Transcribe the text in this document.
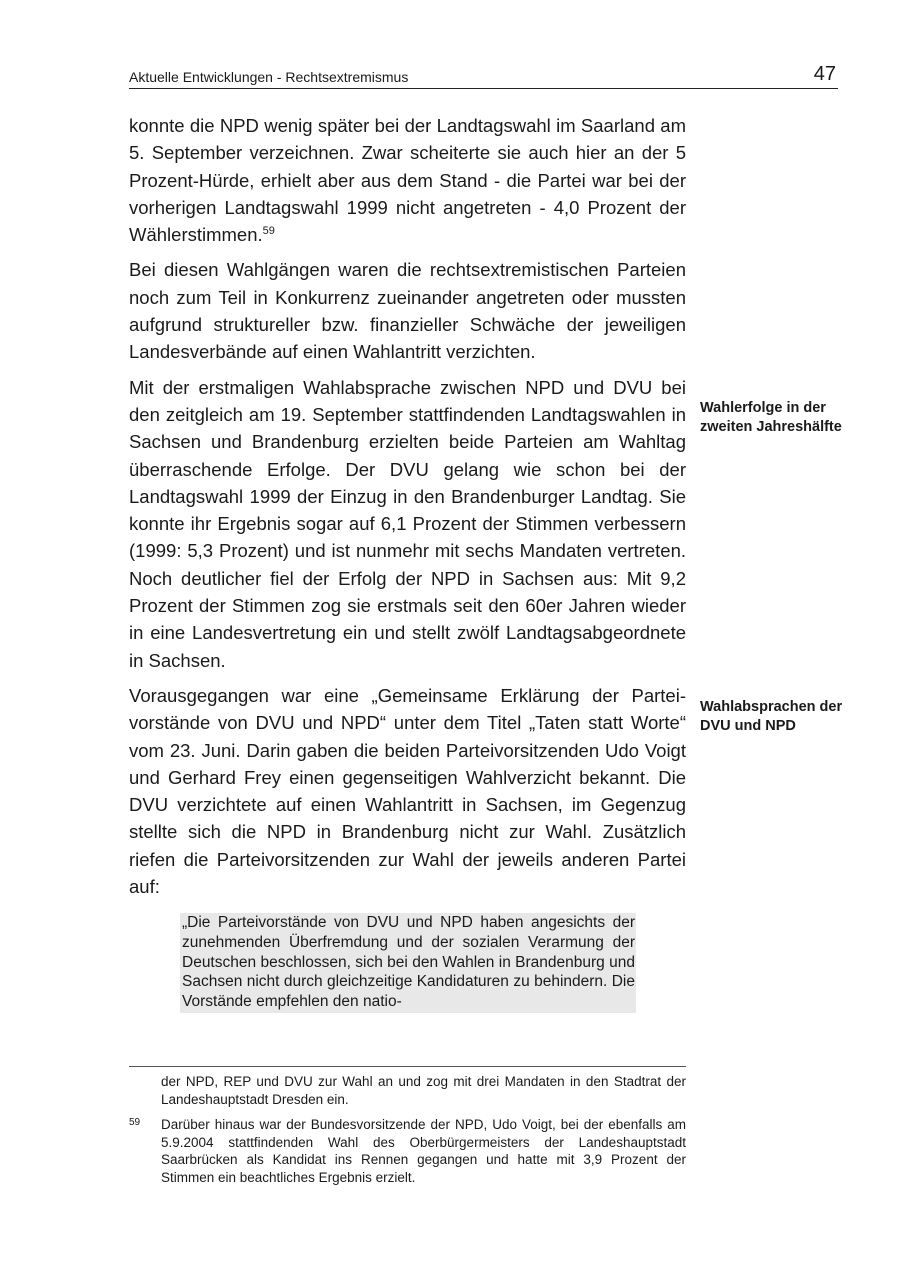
Aktuelle Entwicklungen - Rechtsextremismus	47

konnte die NPD wenig später bei der Landtagswahl im Saarland am 5. September verzeichnen. Zwar scheiterte sie auch hier an der 5 Prozent-Hürde, erhielt aber aus dem Stand - die Partei war bei der vorherigen Landtagswahl 1999 nicht angetreten - 4,0 Prozent der Wählerstimmen.$^{59}$

Bei diesen Wahlgängen waren die rechtsextremistischen Parteien noch zum Teil in Konkurrenz zueinander angetreten oder mussten aufgrund struktureller bzw. finanzieller Schwäche der jeweiligen Landesverbände auf einen Wahlantritt verzichten.

Mit der erstmaligen Wahlabsprache zwischen NPD und DVU bei den zeitgleich am 19. September stattfindenden Landtagswahlen in Sachsen und Brandenburg erzielten beide Parteien am Wahltag überraschende Erfolge. Der DVU gelang wie schon bei der Landtagswahl 1999 der Einzug in den Brandenburger Landtag. Sie konnte ihr Ergebnis sogar auf 6,1 Prozent der Stimmen verbessern (1999: 5,3 Prozent) und ist nunmehr mit sechs Mandaten vertreten. Noch deutlicher fiel der Erfolg der NPD in Sachsen aus: Mit 9,2 Prozent der Stimmen zog sie erstmals seit den 60er Jahren wieder in eine Landesvertretung ein und stellt zwölf Landtagsabgeordnete in Sachsen.

Vorausgegangen war eine „Gemeinsame Erklärung der Parteivorstände von DVU und NPD“ unter dem Titel „Taten statt Worte“ vom 23. Juni. Darin gaben die beiden Parteivorsitzenden Udo Voigt und Gerhard Frey einen gegenseitigen Wahlverzicht bekannt. Die DVU verzichtete auf einen Wahlantritt in Sachsen, im Gegenzug stellte sich die NPD in Brandenburg nicht zur Wahl. Zusätzlich riefen die Parteivorsitzenden zur Wahl der jeweils anderen Partei auf:

Wahlerfolge in der zweiten Jahreshälfte
Wahlabsprachen der DVU und NPD
„Die Parteivorstände von DVU und NPD haben angesichts der zunehmenden Überfremdung und der sozialen Verarmung der Deutschen beschlossen, sich bei den Wahlen in Brandenburg und Sachsen nicht durch gleichzeitige Kandidaturen zu behindern. Die Vorstände empfehlen den natio-
der NPD, REP und DVU zur Wahl an und zog mit drei Mandaten in den Stadtrat der Landeshauptstadt Dresden ein.
59 Darüber hinaus war der Bundesvorsitzende der NPD, Udo Voigt, bei der ebenfalls am 5.9.2004 stattfindenden Wahl des Oberbürgermeisters der Landeshauptstadt Saarbrücken als Kandidat ins Rennen gegangen und hatte mit 3,9 Prozent der Stimmen ein beachtliches Ergebnis erzielt.
